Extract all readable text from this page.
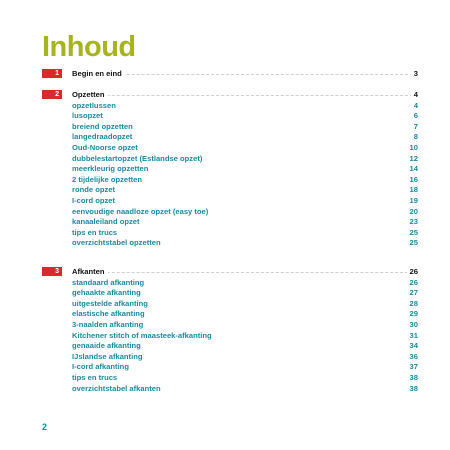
Inhoud
1	Begin en eind	3
2	Opzetten	4
opzetlussen	4
lusopzet	6
breiend opzetten	7
langedraadopzet	8
Oud-Noorse opzet	10
dubbelestartopzet (Estlandse opzet)	12
meerkleurig opzetten	14
2 tijdelijke opzetten	16
ronde opzet	18
I-cord opzet	19
eenvoudige naadloze opzet (easy toe)	20
kanaaleiland opzet	23
tips en trucs	25
overzichtstabel opzetten	25
3	Afkanten	26
standaard afkanting	26
gehaakte afkanting	27
uitgestelde afkanting	28
elastische afkanting	29
3-naalden afkanting	30
Kitchener stitch of maasteek-afkanting	31
genaaide afkanting	34
IJslandse afkanting	36
I-cord afkanting	37
tips en trucs	38
overzichtstabel afkanten	38
2
